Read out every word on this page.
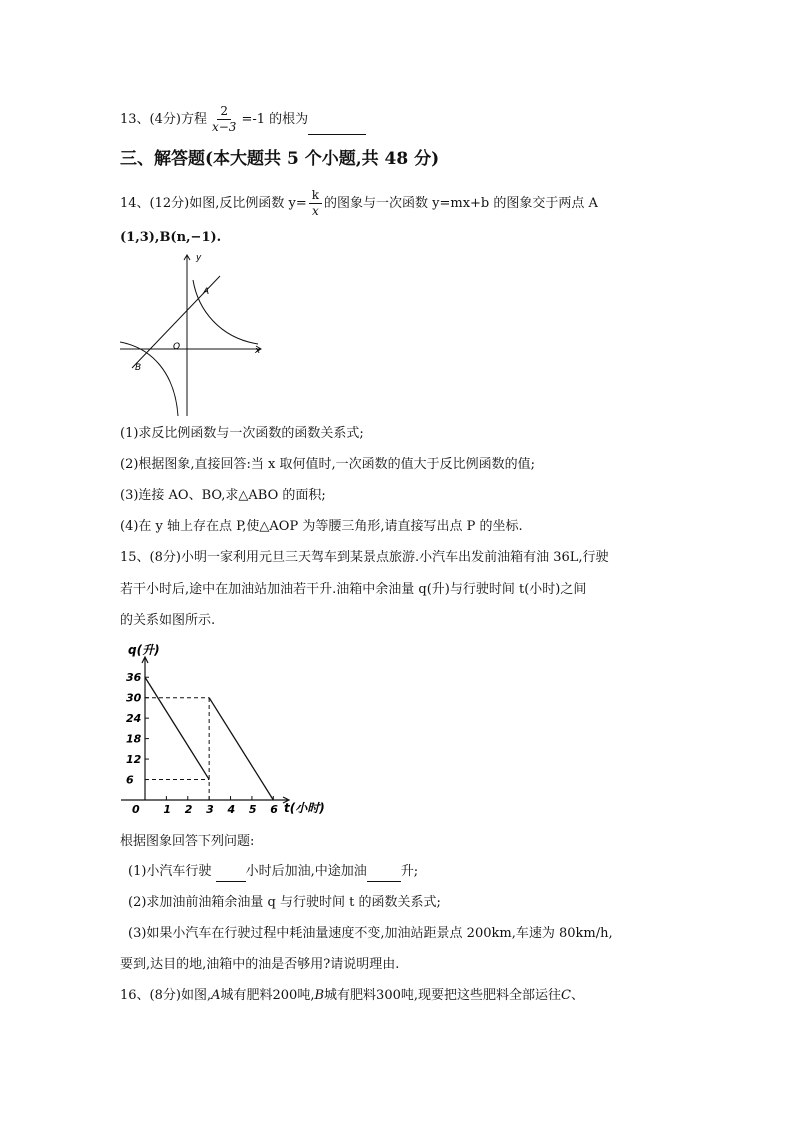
13、(4分)方程 $\frac{2}{x-3} =-1$ 的根为
三、解答题(本大题共 5 个小题,共 48 分)
14、(12分)如图,反比例函数 $y= \frac{k}{x}$ 的图象与一次函数 y=mx+b 的图象交于两点 A
(1,3),B(n,−1).
y
x
O
A
B
(1)求反比例函数与一次函数的函数关系式;
(2)根据图象,直接回答:当 x 取何值时,一次函数的值大于反比例函数的值;
(3)连接 AO、BO,求△ABO 的面积;
(4)在 y 轴上存在点 P,使△AOP 为等腰三角形,请直接写出点 P 的坐标.
15、(8分)小明一家利用元旦三天驾车到某景点旅游.小汽车出发前油箱有油 36L,行驶
若干小时后,途中在加油站加油若干升.油箱中余油量 q(升)与行驶时间 t(小时)之间
的关系如图所示.
6
12
18
24
30
36
1 2 3 4 5 6
q(升)
t(小时)
0
根据图象回答下列问题:
(1)小汽车行驶	小时后加油,中途加油	升;
(2)求加油前油箱余油量 q 与行驶时间 t 的函数关系式;
(3)如果小汽车在行驶过程中耗油量速度不变,加油站距景点 200km,车速为 80km/h,
要到,达目的地,油箱中的油是否够用?请说明理由.
16、(8分)如图,A城有肥料200吨,B城有肥料300吨,现要把这些肥料全部运往C、
